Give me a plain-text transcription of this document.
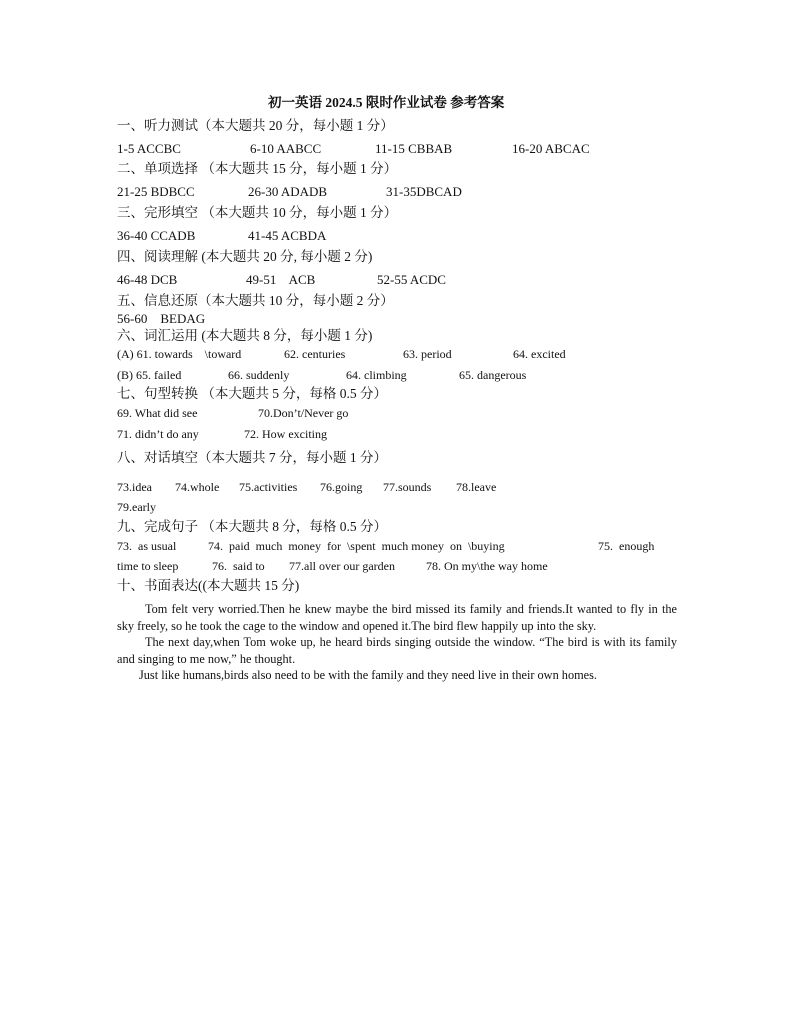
初一英语 2024.5 限时作业试卷 参考答案
一、听力测试（本大题共 20 分，每小题 1 分）
1-5 ACCBC	6-10 AABCC	11-15 CBBAB	16-20 ABCAC
二、单项选择 （本大题共 15 分，每小题 1 分）
21-25 BDBCC	26-30 ADADB	31-35DBCAD
三、完形填空 （本大题共 10 分，每小题 1 分）
36-40 CCADB	41-45 ACBDA
四、阅读理解 (本大题共 20 分, 每小题 2 分)
46-48 DCB	49-51    ACB	52-55 ACDC
五、信息还原（本大题共 10 分，每小题 2 分）
56-60    BEDAG
六、词汇运用 (本大题共 8 分，每小题 1 分)
(A) 61. towards    \toward	62. centuries	63. period	64. excited
(B) 65. failed	66. suddenly	64. climbing	65. dangerous
七、句型转换 （本大题共 5 分，每格 0.5 分）
69. What did see	70.Don’t/Never go
71. didn’t do any	72. How exciting
八、对话填空（本大题共 7 分，每小题 1 分）
73.idea 74.whole 75.activities 76.going 77.sounds 78.leave
79.early
九、完成句子 （本大题共 8 分，每格 0.5 分）
73.  as usual	74.  paid  much  money  for  \spent  much money  on  \buying	75.  enough
time to sleep	76.  said to 77.all over our garden	78. On my\the way home
十、书面表达((本大题共 15 分)

Tom felt very worried.Then he knew maybe the bird missed its family and friends.It wanted to fly in the sky freely, so he took the cage to the window and opened it.The bird flew happily up into the sky.

The next day,when Tom woke up, he heard birds singing outside the window. “The bird is with its family and singing to me now,” he thought.

Just like humans,birds also need to be with the family and they need live in their own homes.
